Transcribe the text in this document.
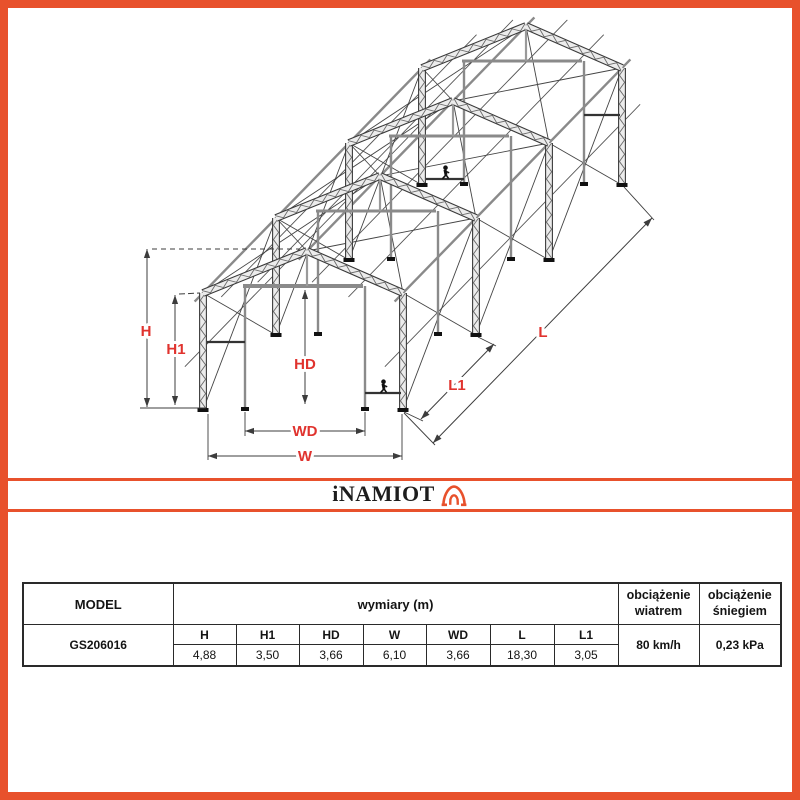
H
H1
HD
WD
W
L1
L
iNAMIOT
MODEL	wymiary (m)							obciążenie wiatrem	obciążenie śniegiem
GS206016	H	H1	HD	W	WD	L	L1	80 km/h	0,23 kPa
	4,88	3,50	3,66	6,10	3,66	18,30	3,05		
